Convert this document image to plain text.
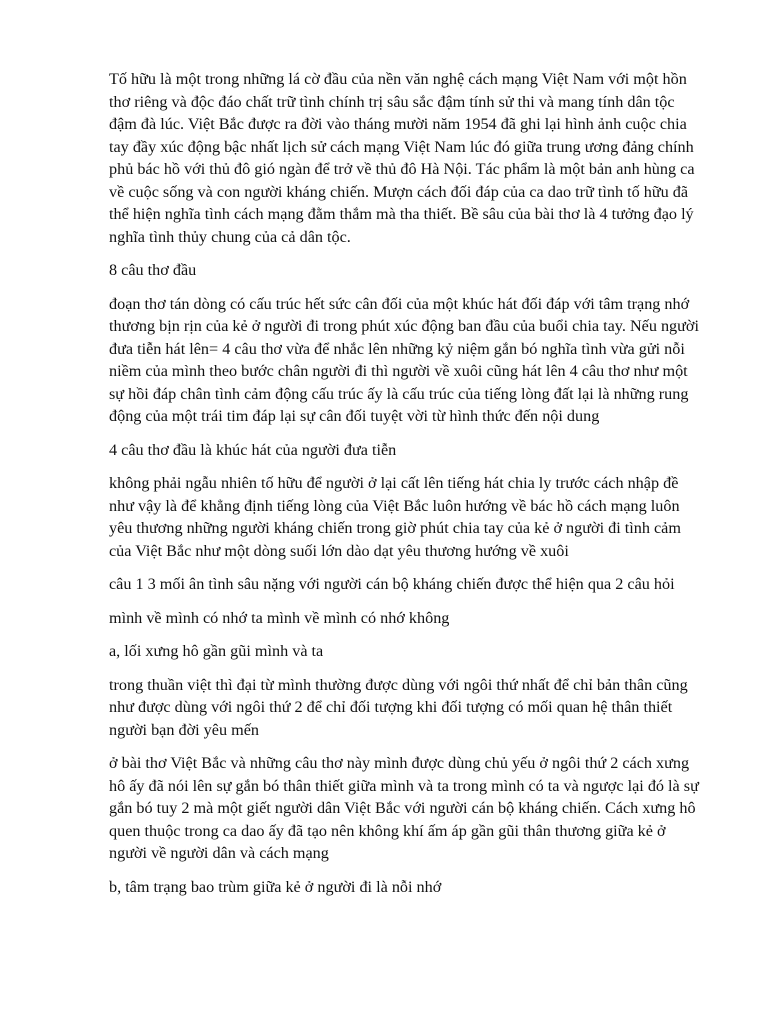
Tố hữu là một trong những lá cờ đầu của nền văn nghệ cách mạng Việt Nam với một hồn thơ riêng và độc đáo chất trữ tình chính trị sâu sắc đậm tính sử thi và mang tính dân tộc đậm đà lúc. Việt Bắc được ra đời vào tháng mười năm 1954 đã ghi lại hình ảnh cuộc chia tay đầy xúc động bậc nhất lịch sử cách mạng Việt Nam lúc đó giữa trung ương đảng chính phủ bác hồ với thủ đô gió ngàn để trở về thủ đô Hà Nội. Tác phẩm là một bản anh hùng ca về cuộc sống và con người kháng chiến. Mượn cách đối đáp của ca dao trữ tình tố hữu đã thể hiện nghĩa tình cách mạng đằm thắm mà tha thiết. Bề sâu của bài thơ là 4 tưởng đạo lý nghĩa tình thủy chung của cả dân tộc.

8 câu thơ đầu

đoạn thơ tán dòng có cấu trúc hết sức cân đối của một khúc hát đối đáp với tâm trạng nhớ thương bịn rịn của kẻ ở người đi trong phút xúc động ban đầu của buổi chia tay. Nếu người đưa tiễn hát lên= 4 câu thơ vừa để nhắc lên những kỷ niệm gắn bó nghĩa tình vừa gửi nỗi niềm của mình theo bước chân người đi thì người về xuôi cũng hát lên 4 câu thơ như một sự hồi đáp chân tình cảm động cấu trúc ấy là cấu trúc của tiếng lòng đất lại là những rung động của một trái tim đáp lại sự cân đối tuyệt vời từ hình thức đến nội dung

4 câu thơ đầu là khúc hát của người đưa tiễn

không phải ngẫu nhiên tố hữu để người ở lại cất lên tiếng hát chia ly trước cách nhập đề như vậy là để khẳng định tiếng lòng của Việt Bắc luôn hướng về bác hồ cách mạng luôn yêu thương những người kháng chiến trong giờ phút chia tay của kẻ ở người đi tình cảm của Việt Bắc như một dòng suối lớn dào dạt yêu thương hướng về xuôi

câu 1 3 mối ân tình sâu nặng với người cán bộ kháng chiến được thể hiện qua 2 câu hỏi

mình về mình có nhớ ta mình về mình có nhớ không

a, lối xưng hô gần gũi mình và ta

trong thuần việt thì đại từ mình thường được dùng với ngôi thứ nhất để chỉ bản thân cũng như được dùng với ngôi thứ 2 để chỉ đối tượng khi đối tượng có mối quan hệ thân thiết người bạn đời yêu mến

ở bài thơ Việt Bắc và những câu thơ này mình được dùng chủ yếu ở ngôi thứ 2 cách xưng hô ấy đã nói lên sự gắn bó thân thiết giữa mình và ta trong mình có ta và ngược lại đó là sự gắn bó tuy 2 mà một giết người dân Việt Bắc với người cán bộ kháng chiến. Cách xưng hô quen thuộc trong ca dao ấy đã tạo nên không khí ấm áp gần gũi thân thương giữa kẻ ở người về người dân và cách mạng

b, tâm trạng bao trùm giữa kẻ ở người đi là nỗi nhớ
